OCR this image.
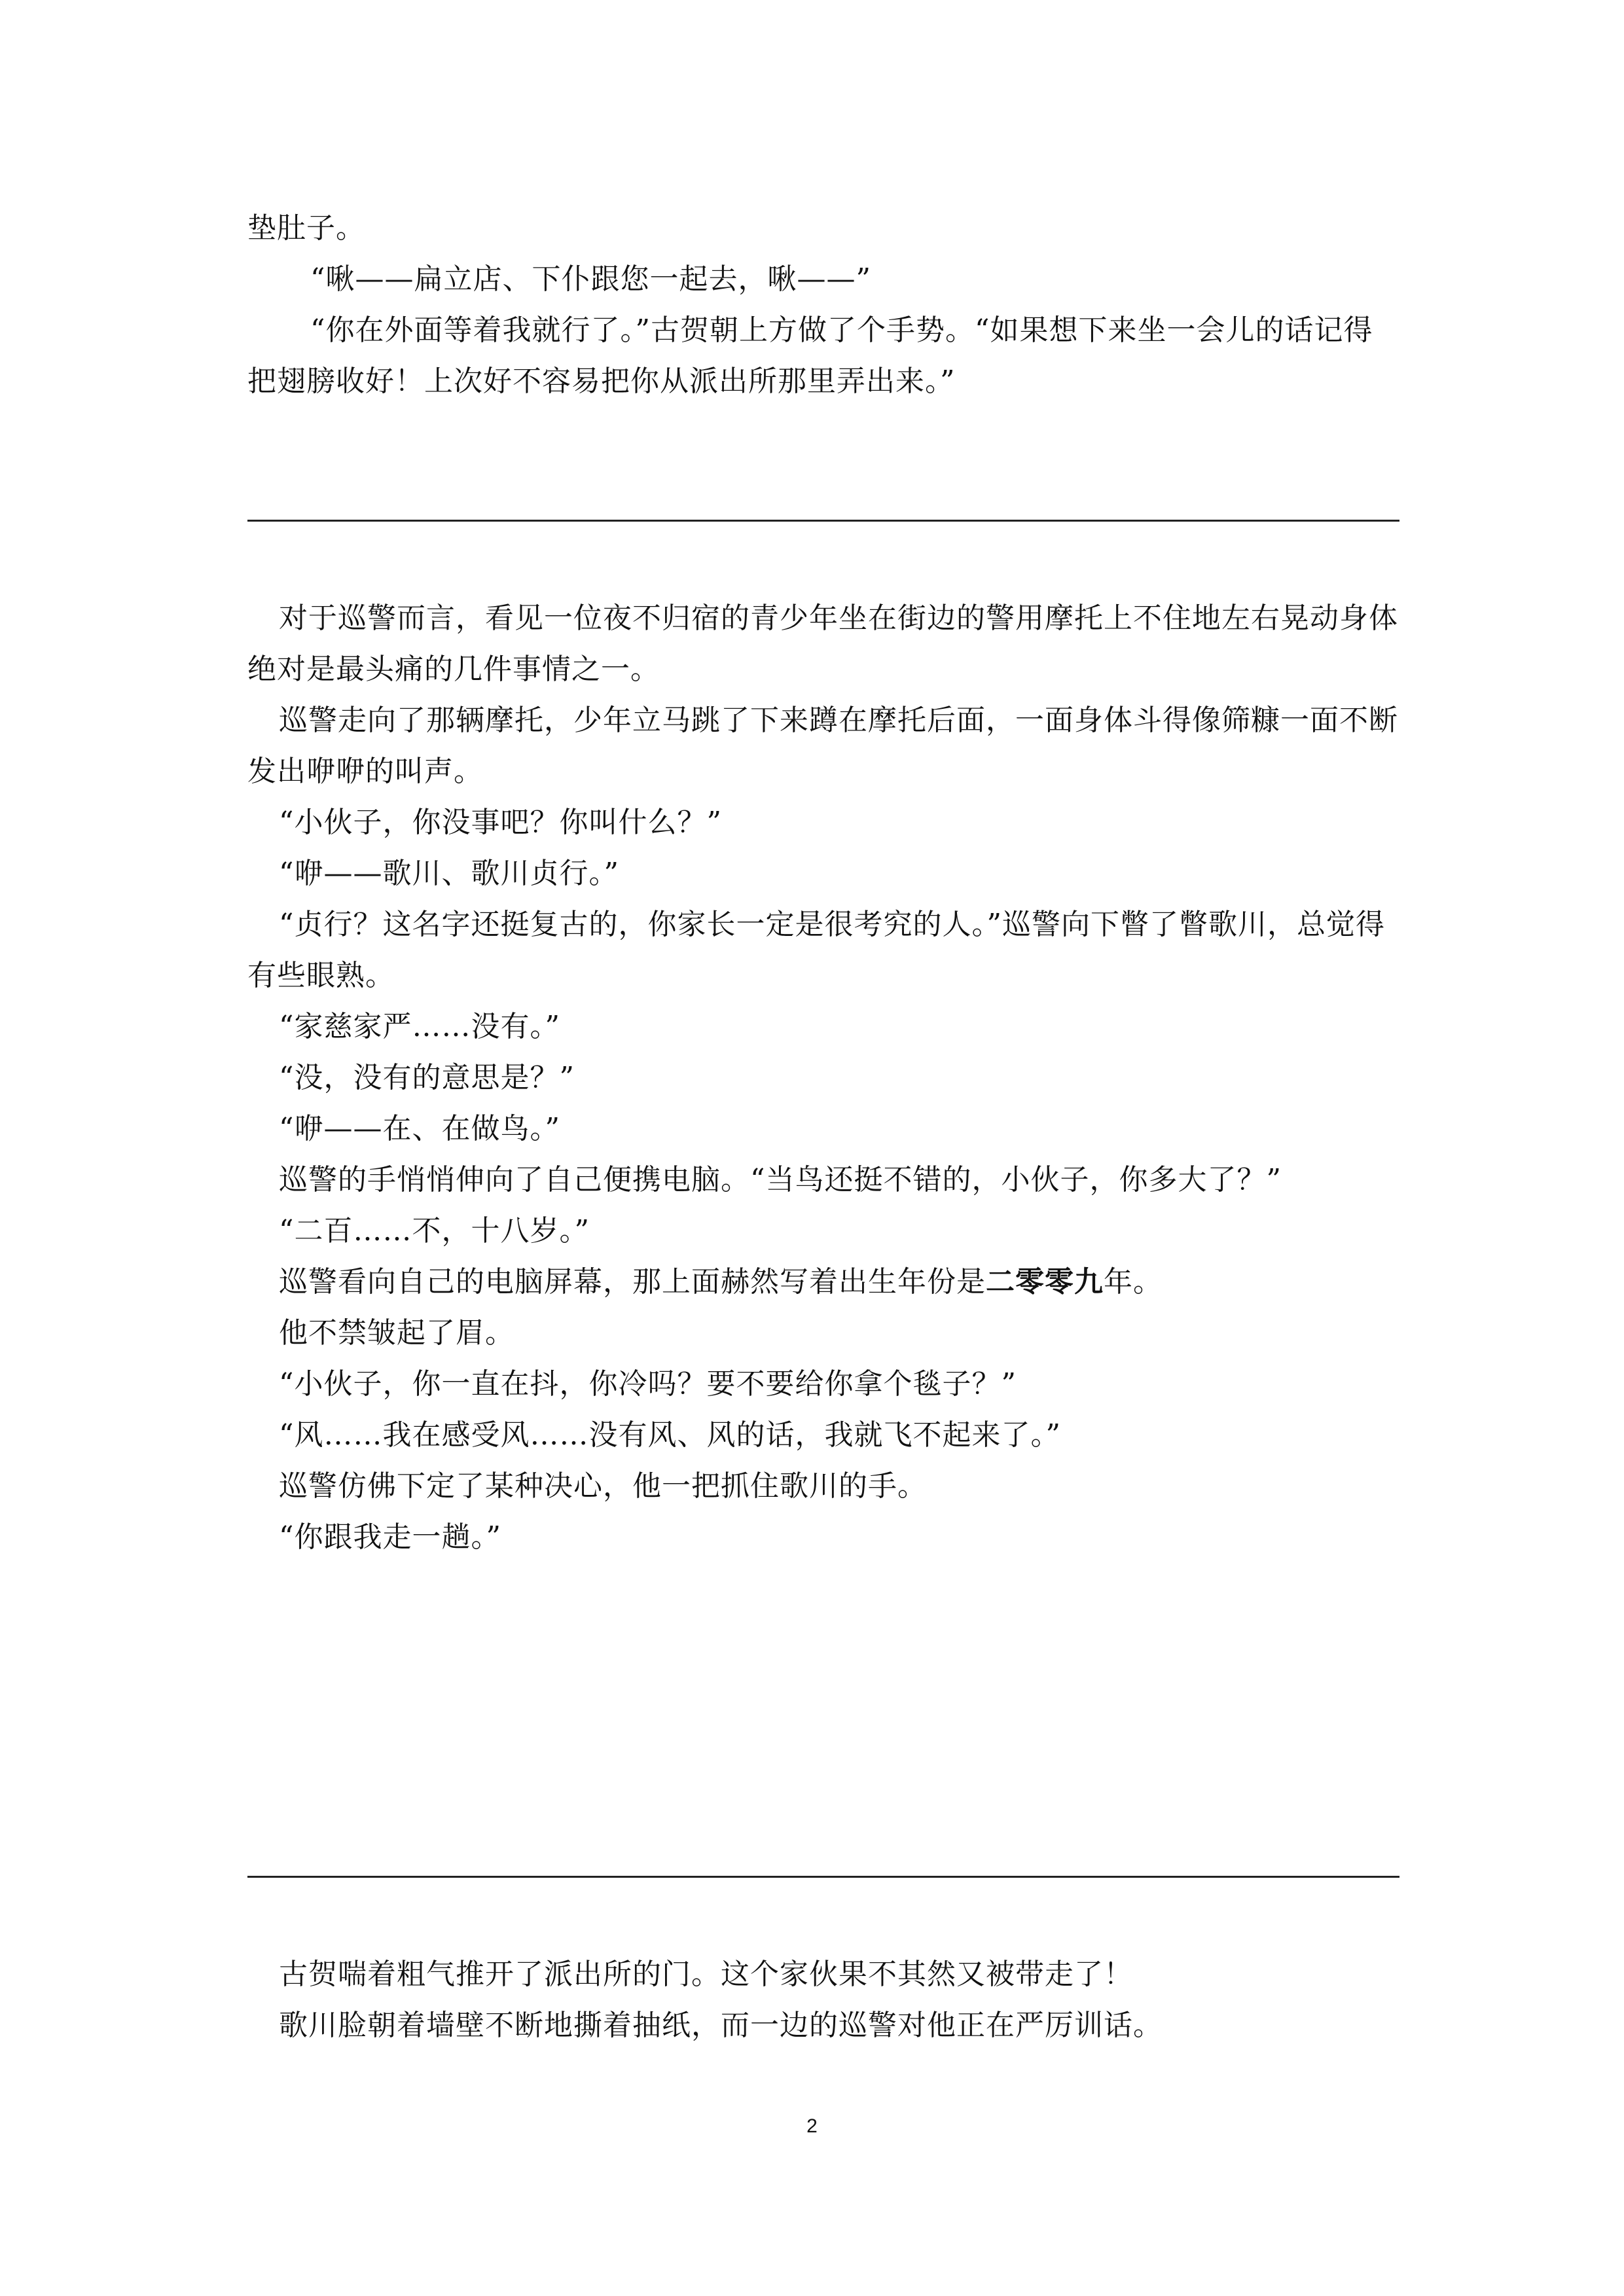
垫肚子。

“啾——扁立店、下仆跟您一起去，啾——”

“你在外面等着我就行了。”古贺朝上方做了个手势。“如果想下来坐一会儿的话记得把翅膀收好！上次好不容易把你从派出所那里弄出来。”

对于巡警而言，看见一位夜不归宿的青少年坐在街边的警用摩托上不住地左右晃动身体绝对是最头痛的几件事情之一。

巡警走向了那辆摩托，少年立马跳了下来蹲在摩托后面，一面身体斗得像筛糠一面不断发出咿咿的叫声。

“小伙子，你没事吧？你叫什么？”

“咿——歌川、歌川贞行。”

“贞行？这名字还挺复古的，你家长一定是很考究的人。”巡警向下瞥了瞥歌川，总觉得有些眼熟。

“家慈家严……没有。”

“没，没有的意思是？”

“咿——在、在做鸟。”

巡警的手悄悄伸向了自己便携电脑。“当鸟还挺不错的，小伙子，你多大了？”

“二百……不，十八岁。”

巡警看向自己的电脑屏幕，那上面赫然写着出生年份是二零零九年。

他不禁皱起了眉。

“小伙子，你一直在抖，你冷吗？要不要给你拿个毯子？”

“风……我在感受风……没有风、风的话，我就飞不起来了。”

巡警仿佛下定了某种决心，他一把抓住歌川的手。

“你跟我走一趟。”

古贺喘着粗气推开了派出所的门。这个家伙果不其然又被带走了！

歌川脸朝着墙壁不断地撕着抽纸，而一边的巡警对他正在严厉训话。

2
